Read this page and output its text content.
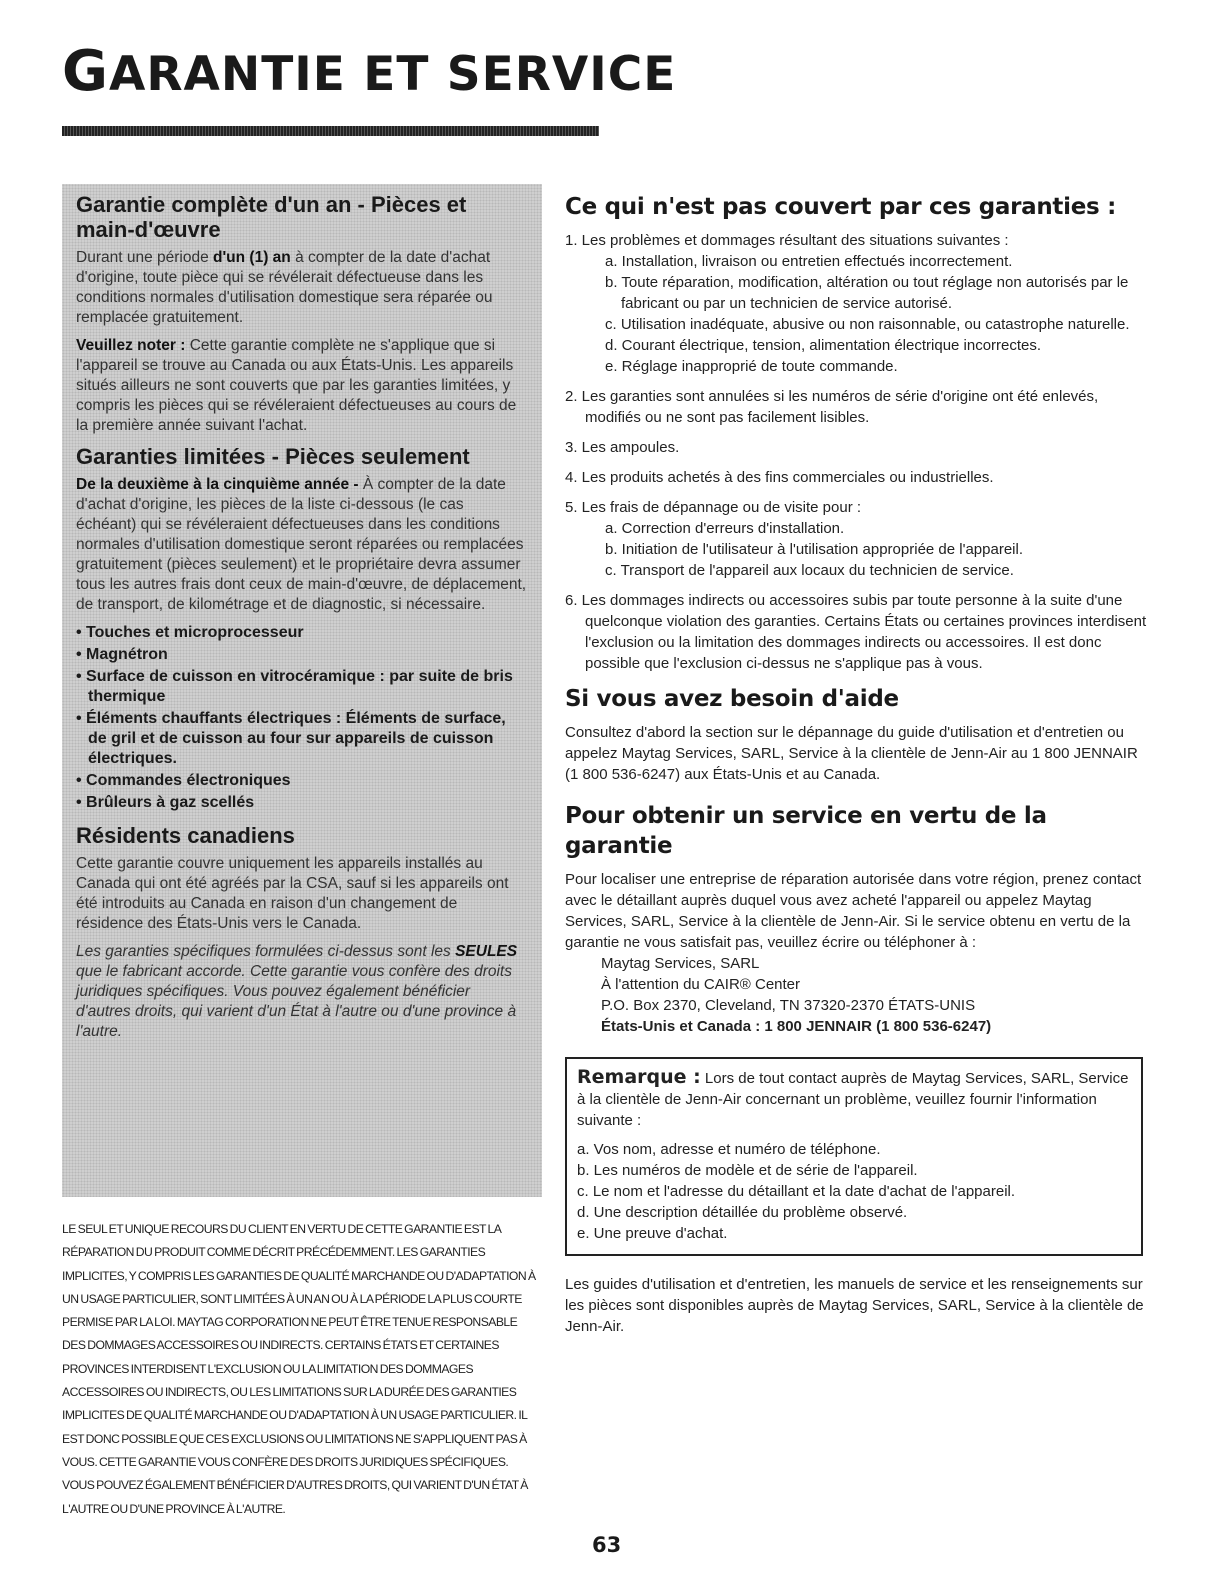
GARANTIE ET SERVICE
Garantie complète d'un an - Pièces et main-d'œuvre

Durant une période d'un (1) an à compter de la date d'achat d'origine, toute pièce qui se révélerait défectueuse dans les conditions normales d'utilisation domestique sera réparée ou remplacée gratuitement.

Veuillez noter : Cette garantie complète ne s'applique que si l'appareil se trouve au Canada ou aux États-Unis. Les appareils situés ailleurs ne sont couverts que par les garanties limitées, y compris les pièces qui se révéleraient défectueuses au cours de la première année suivant l'achat.

Garanties limitées - Pièces seulement

De la deuxième à la cinquième année - À compter de la date d'achat d'origine, les pièces de la liste ci-dessous (le cas échéant) qui se révéleraient défectueuses dans les conditions normales d'utilisation domestique seront réparées ou remplacées gratuitement (pièces seulement) et le propriétaire devra assumer tous les autres frais dont ceux de main-d'œuvre, de déplacement, de transport, de kilométrage et de diagnostic, si nécessaire.

• Touches et microprocesseur
• Magnétron
• Surface de cuisson en vitrocéramique : par suite de bris thermique
• Éléments chauffants électriques : Éléments de surface, de gril et de cuisson au four sur appareils de cuisson électriques.
• Commandes électroniques
• Brûleurs à gaz scellés
Résidents canadiens

Cette garantie couvre uniquement les appareils installés au Canada qui ont été agréés par la CSA, sauf si les appareils ont été introduits au Canada en raison d'un changement de résidence des États-Unis vers le Canada.

Les garanties spécifiques formulées ci-dessus sont les SEULES que le fabricant accorde. Cette garantie vous confère des droits juridiques spécifiques. Vous pouvez également bénéficier d'autres droits, qui varient d'un État à l'autre ou d'une province à l'autre.

LE SEUL ET UNIQUE RECOURS DU CLIENT EN VERTU DE CETTE GARANTIE EST LA RÉPARATION DU PRODUIT COMME DÉCRIT PRÉCÉDEMMENT. LES GARANTIES IMPLICITES, Y COMPRIS LES GARANTIES DE QUALITÉ MARCHANDE OU D'ADAPTATION À UN USAGE PARTICULIER, SONT LIMITÉES À UN AN OU À LA PÉRIODE LA PLUS COURTE PERMISE PAR LA LOI. MAYTAG CORPORATION NE PEUT ÊTRE TENUE RESPONSABLE DES DOMMAGES ACCESSOIRES OU INDIRECTS. CERTAINS ÉTATS ET CERTAINES PROVINCES INTERDISENT L'EXCLUSION OU LA LIMITATION DES DOMMAGES ACCESSOIRES OU INDIRECTS, OU LES LIMITATIONS SUR LA DURÉE DES GARANTIES IMPLICITES DE QUALITÉ MARCHANDE OU D'ADAPTATION À UN USAGE PARTICULIER. IL EST DONC POSSIBLE QUE CES EXCLUSIONS OU LIMITATIONS NE S'APPLIQUENT PAS À VOUS. CETTE GARANTIE VOUS CONFÈRE DES DROITS JURIDIQUES SPÉCIFIQUES. VOUS POUVEZ ÉGALEMENT BÉNÉFICIER D'AUTRES DROITS, QUI VARIENT D'UN ÉTAT À L'AUTRE OU D'UNE PROVINCE À L'AUTRE.
Ce qui n'est pas couvert par ces garanties :
1. Les problèmes et dommages résultant des situations suivantes :
a. Installation, livraison ou entretien effectués incorrectement.
b. Toute réparation, modification, altération ou tout réglage non autorisés par le fabricant ou par un technicien de service autorisé.
c. Utilisation inadéquate, abusive ou non raisonnable, ou catastrophe naturelle.
d. Courant électrique, tension, alimentation électrique incorrectes.
e. Réglage inapproprié de toute commande.
2. Les garanties sont annulées si les numéros de série d'origine ont été enlevés, modifiés ou ne sont pas facilement lisibles.
3. Les ampoules.
4. Les produits achetés à des fins commerciales ou industrielles.
5. Les frais de dépannage ou de visite pour :
a. Correction d'erreurs d'installation.
b. Initiation de l'utilisateur à l'utilisation appropriée de l'appareil.
c. Transport de l'appareil aux locaux du technicien de service.
6. Les dommages indirects ou accessoires subis par toute personne à la suite d'une quelconque violation des garanties. Certains États ou certaines provinces interdisent l'exclusion ou la limitation des dommages indirects ou accessoires. Il est donc possible que l'exclusion ci-dessus ne s'applique pas à vous.
Si vous avez besoin d'aide
Consultez d'abord la section sur le dépannage du guide d'utilisation et d'entretien ou appelez Maytag Services, SARL, Service à la clientèle de Jenn-Air au 1 800 JENNAIR (1 800 536-6247) aux États-Unis et au Canada.
Pour obtenir un service en vertu de la garantie
Pour localiser une entreprise de réparation autorisée dans votre région, prenez contact avec le détaillant auprès duquel vous avez acheté l'appareil ou appelez Maytag Services, SARL, Service à la clientèle de Jenn-Air. Si le service obtenu en vertu de la garantie ne vous satisfait pas, veuillez écrire ou téléphoner à :
Maytag Services, SARL
À l'attention du CAIR® Center
P.O. Box 2370, Cleveland, TN 37320-2370 ÉTATS-UNIS
États-Unis et Canada : 1 800 JENNAIR (1 800 536-6247)
Remarque : Lors de tout contact auprès de Maytag Services, SARL, Service à la clientèle de Jenn-Air concernant un problème, veuillez fournir l'information suivante :
a. Vos nom, adresse et numéro de téléphone.
b. Les numéros de modèle et de série de l'appareil.
c. Le nom et l'adresse du détaillant et la date d'achat de l'appareil.
d. Une description détaillée du problème observé.
e. Une preuve d'achat.
Les guides d'utilisation et d'entretien, les manuels de service et les renseignements sur les pièces sont disponibles auprès de Maytag Services, SARL, Service à la clientèle de Jenn-Air.
63
